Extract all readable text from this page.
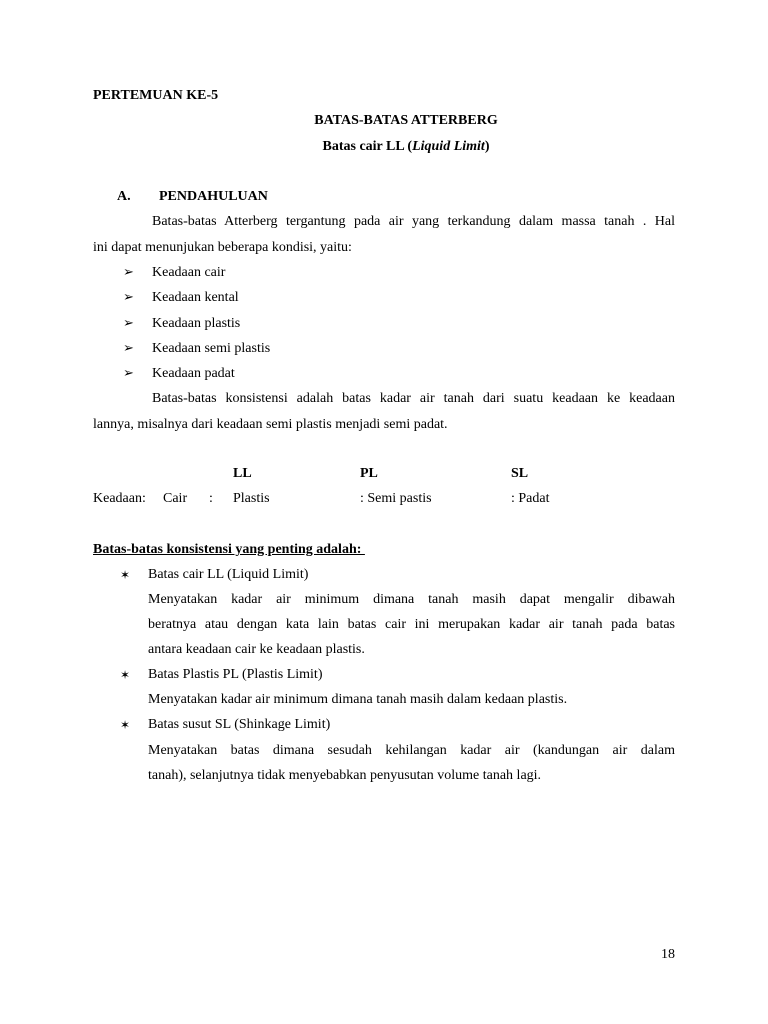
PERTEMUAN KE-5
BATAS-BATAS ATTERBERG
Batas cair LL (Liquid Limit)
A. PENDAHULUAN
Batas-batas Atterberg tergantung pada air yang terkandung dalam massa tanah . Hal
ini dapat menunjukan beberapa kondisi, yaitu:
➢ Keadaan cair
➢ Keadaan kental
➢ Keadaan plastis
➢ Keadaan semi plastis
➢ Keadaan padat
Batas-batas konsistensi adalah batas kadar air tanah dari suatu keadaan ke keadaan
lannya, misalnya dari keadaan semi plastis menjadi semi padat.
LL	PL	SL
Keadaan: Cair : Plastis	: Semi pastis	: Padat
Batas-batas konsistensi yang penting adalah:
✶ Batas cair LL (Liquid Limit)
Menyatakan kadar air minimum dimana tanah masih dapat mengalir dibawah
beratnya atau dengan kata lain batas cair ini merupakan kadar air tanah pada batas
antara keadaan cair ke keadaan plastis.
✶ Batas Plastis PL (Plastis Limit)
Menyatakan kadar air minimum dimana tanah masih dalam kedaan plastis.
✶ Batas susut SL (Shinkage Limit)
Menyatakan batas dimana sesudah kehilangan kadar air (kandungan air dalam
tanah), selanjutnya tidak menyebabkan penyusutan volume tanah lagi.
18
